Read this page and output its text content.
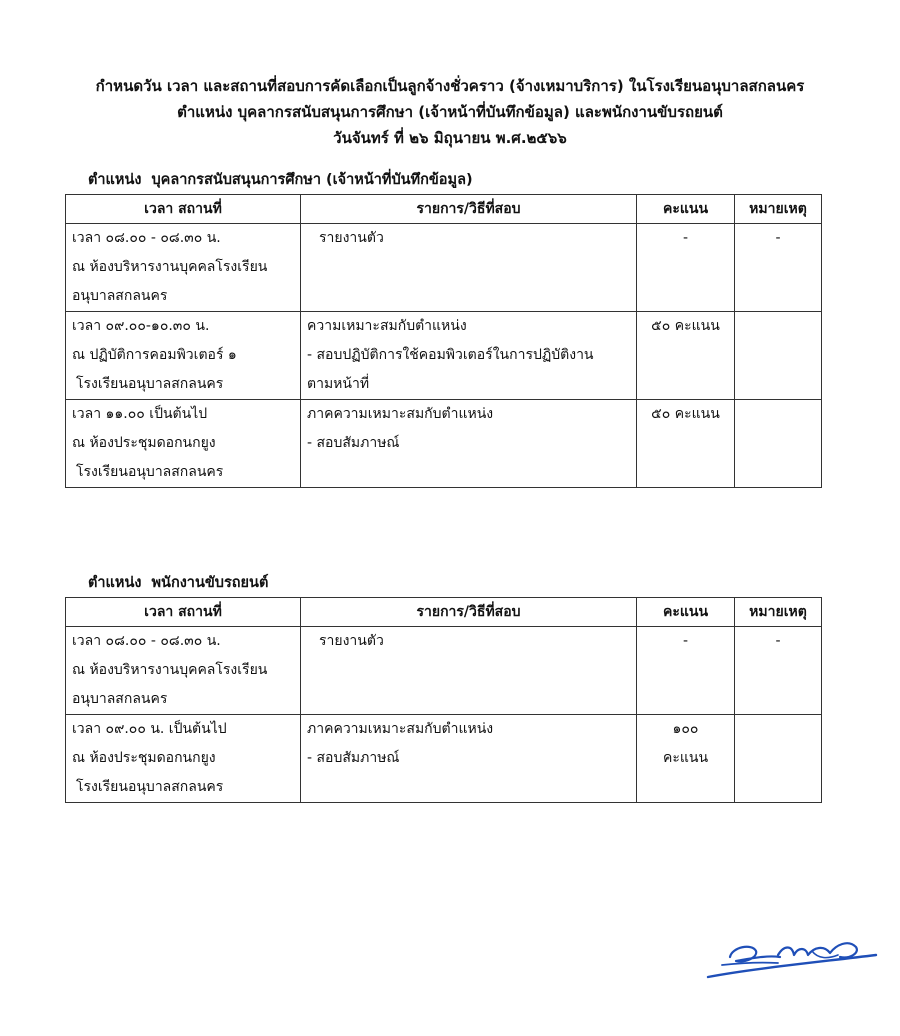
กำหนดวัน เวลา และสถานที่สอบการคัดเลือกเป็นลูกจ้างชั่วคราว (จ้างเหมาบริการ) ในโรงเรียนอนุบาลสกลนคร
ตำแหน่ง บุคลากรสนับสนุนการศึกษา (เจ้าหน้าที่บันทึกข้อมูล) และพนักงานขับรถยนต์
วันจันทร์ ที่ ๒๖ มิถุนายน พ.ศ.๒๕๖๖
ตำแหน่ง บุคลากรสนับสนุนการศึกษา (เจ้าหน้าที่บันทึกข้อมูล)
เวลา สถานที่	รายการ/วิธีที่สอบ	คะแนน	หมายเหตุ

เวลา ๐๘.๐๐ - ๐๘.๓๐ น.
ณ ห้องบริหารงานบุคคลโรงเรียน
อนุบาลสกลนคร	รายงานตัว	-	-

เวลา ๐๙.๐๐-๑๐.๓๐ น.
ณ ปฏิบัติการคอมพิวเตอร์ ๑
โรงเรียนอนุบาลสกลนคร	ความเหมาะสมกับตำแหน่ง
- สอบปฏิบัติการใช้คอมพิวเตอร์ในการปฏิบัติงาน
ตามหน้าที่	๕๐ คะแนน	

เวลา ๑๑.๐๐ เป็นต้นไป
ณ ห้องประชุมดอกนกยูง
โรงเรียนอนุบาลสกลนคร	ภาคความเหมาะสมกับตำแหน่ง
- สอบสัมภาษณ์	๕๐ คะแนน	

ตำแหน่ง พนักงานขับรถยนต์
เวลา สถานที่	รายการ/วิธีที่สอบ	คะแนน	หมายเหตุ

เวลา ๐๘.๐๐ - ๐๘.๓๐ น.
ณ ห้องบริหารงานบุคคลโรงเรียน
อนุบาลสกลนคร	รายงานตัว	-	-

เวลา ๐๙.๐๐ น. เป็นต้นไป
ณ ห้องประชุมดอกนกยูง
โรงเรียนอนุบาลสกลนคร	ภาคความเหมาะสมกับตำแหน่ง
- สอบสัมภาษณ์	๑๐๐
คะแนน	
